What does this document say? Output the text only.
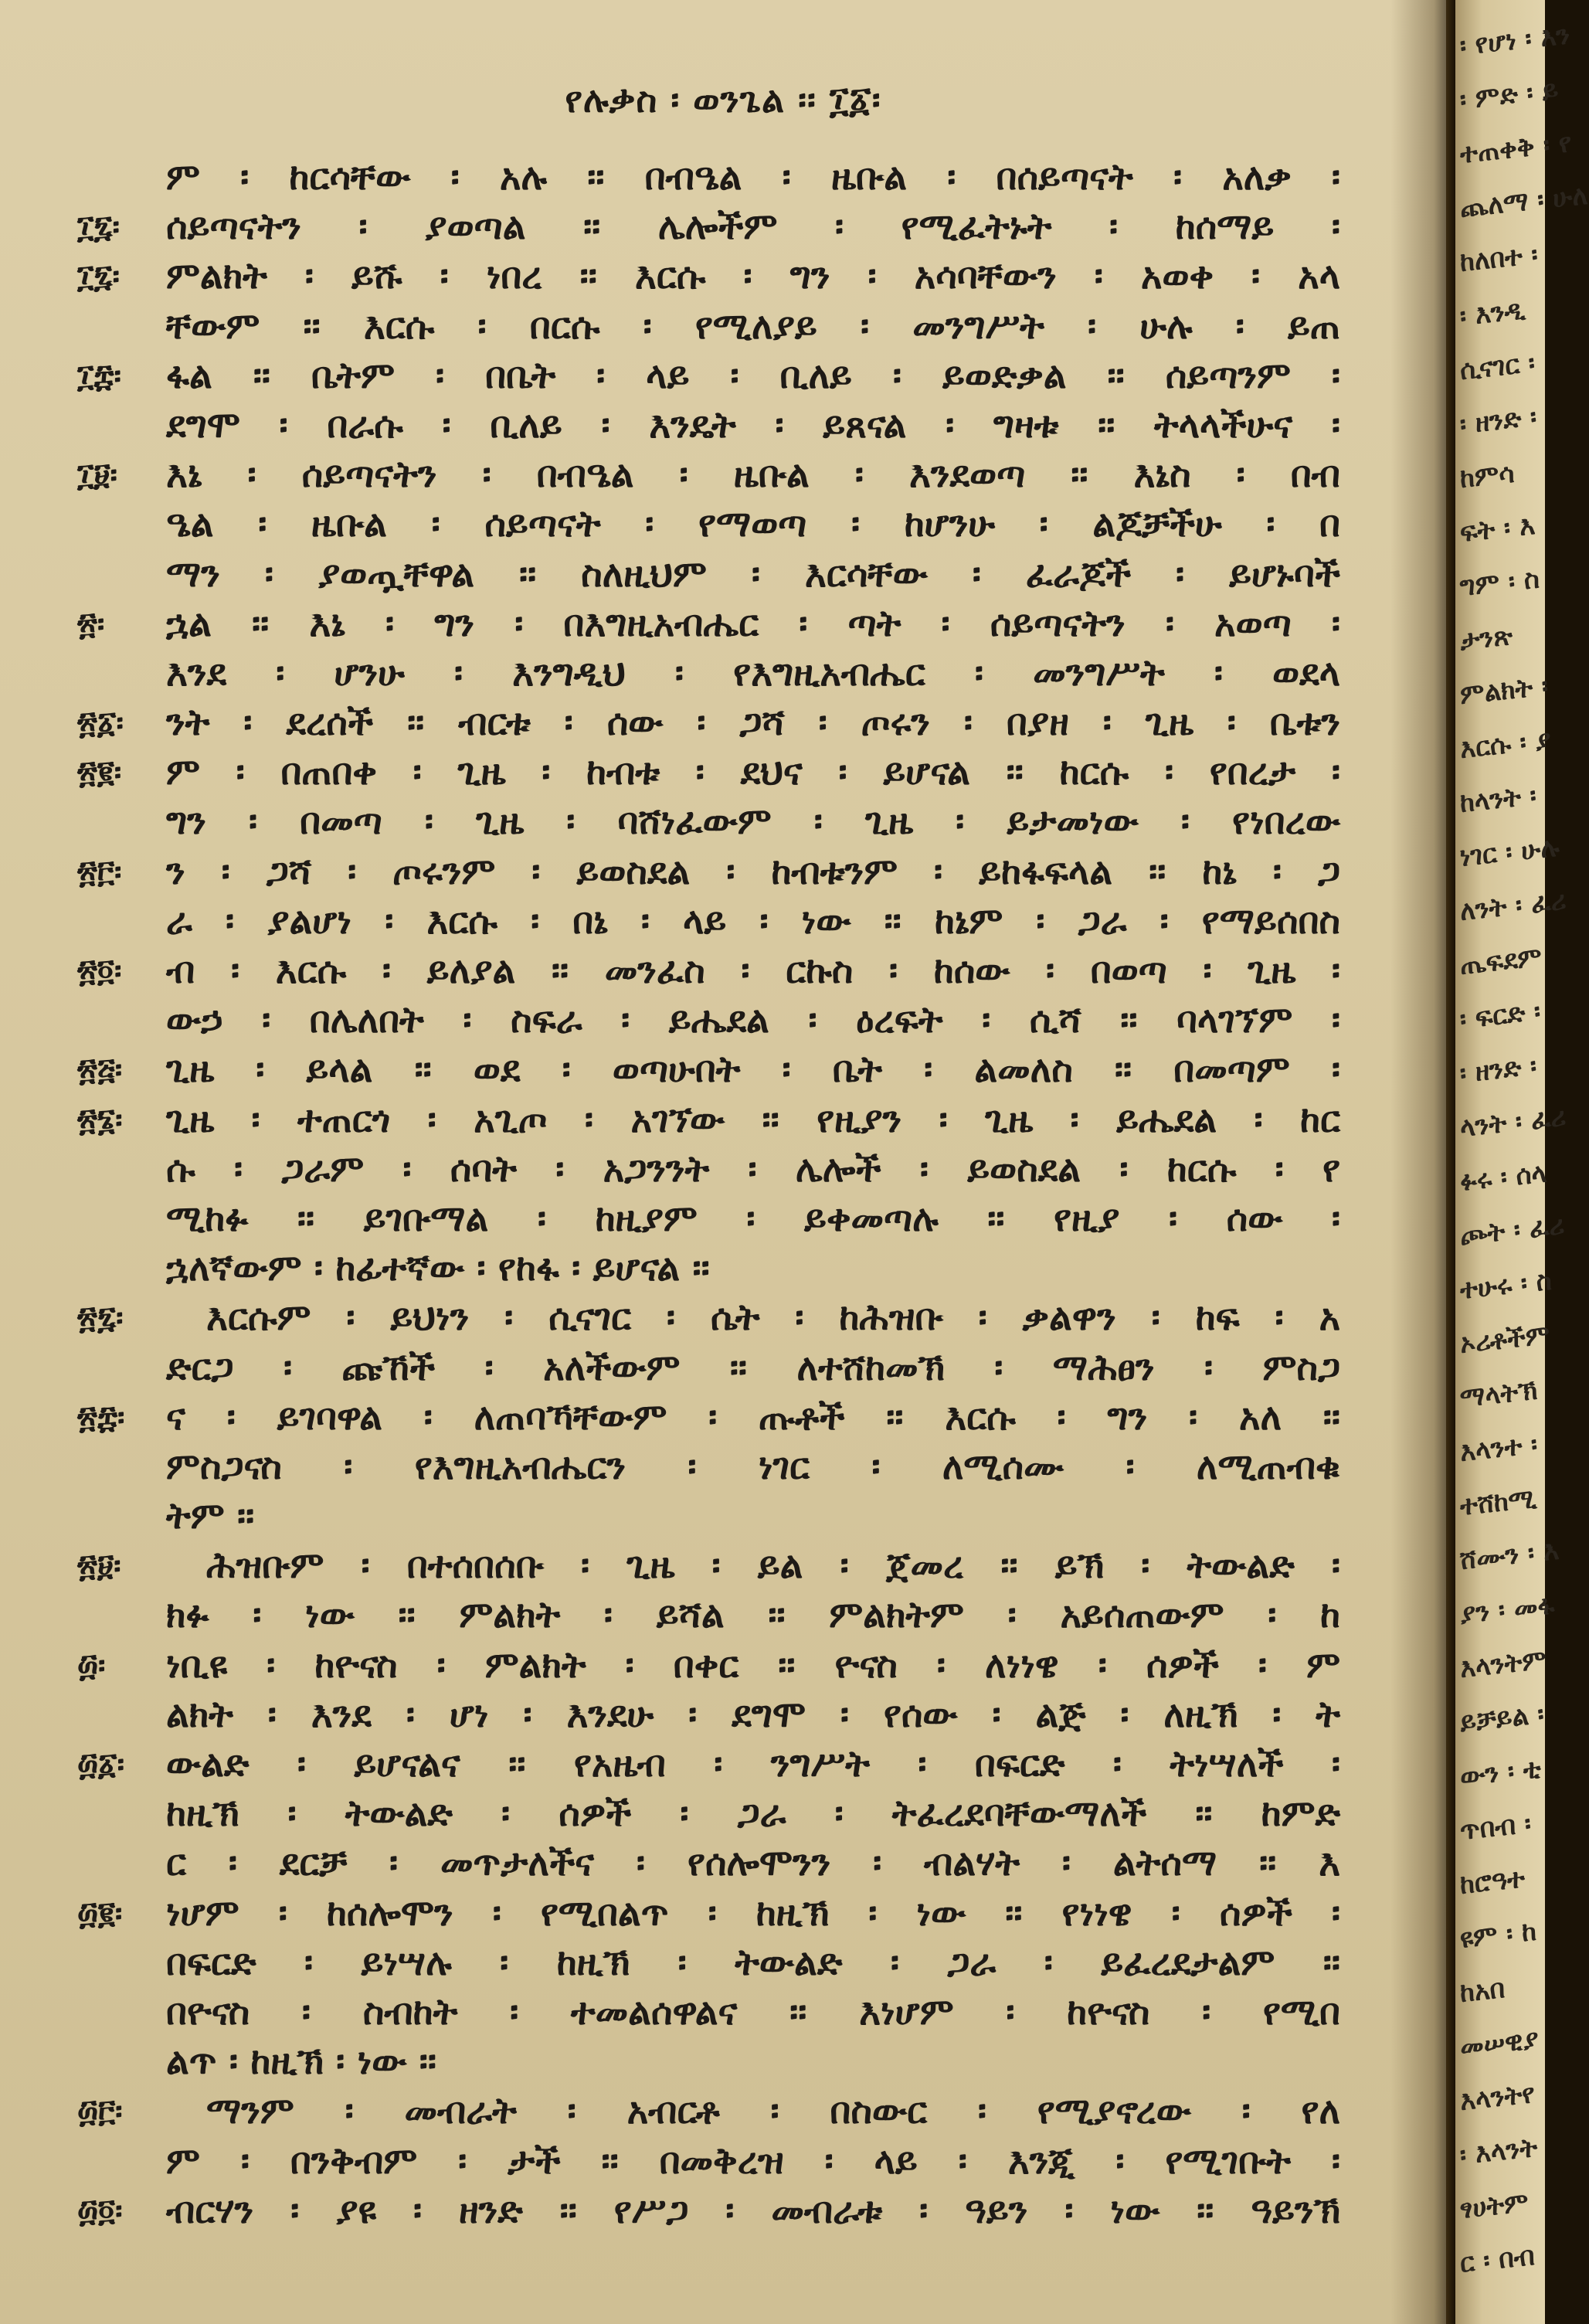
፡ የሆነ ፡ እን
፡ ምድ ፡ ይ
ተጠቀቅ ፡ የ
ጨለማ ፡ ሁለ
ከለበተ ፡
፡ እንዲ
ሲናገር ፡
፡ ዘንድ ፡
ከምሳ
ፍት ፡ እ
ግም ፡ ስ
ታንጽ
ምልክት ፡
እርሱ ፡ ያ
ከላንት ፡
ነገር ፡ ሁሉ
ለንት ፡ ፈሪ
ጤፍደም
፡ ፍርድ ፡
፡ ዘንድ ፡
ላንት ፡ ፈሪ
ፉሩ ፡ ሰላ
ጮት ፡ ፈሪ
ተሁሩ ፡ ስ
ኦሪቶችም
ማላትኽ
እላንተ ፡
ተሸከሚ
ሸሙን ፡ እ
ያን ፡ መፋ
እላንትም
ይቻይል ፡
ውን ፡ ቲ
ጥበብ ፡
ከሮዓተ
ዩም ፡ ከ
ከአበ
መሠዊያ
እላንትየ
፡ እላንት
ፃሀትም
ር ፡ በብ
የሉቃስ ፡ ወንጌል ፡፡ ፲፩፡
ም ፡ ከርሳቸው ፡ አሉ ፡፡ በብዔል ፡ ዜቡል ፡ በሰይጣናት ፡ አለቃ ፡
፲፯፡ ሰይጣናትን ፡ ያወጣል ፡፡ ሌሎችም ፡ የሚፈትኑት ፡ ከሰማይ ፡
፲፯፡ ምልክት ፡ ይሹ ፡ ነበረ ፡፡ እርሱ ፡ ግን ፡ አሳባቸውን ፡ አወቀ ፡ አላ
ቸውም ፡፡ እርሱ ፡ በርሱ ፡ የሚለያይ ፡ መንግሥት ፡ ሁሉ ፡ ይጠ
፲፰፡ ፋል ፡፡ ቤትም ፡ በቤት ፡ ላይ ፡ ቢለይ ፡ ይወድቃል ፡፡ ሰይጣንም ፡
ደግሞ ፡ በራሱ ፡ ቢለይ ፡ እንዴት ፡ ይጸናል ፡ ግዛቱ ፡፡ ትላላችሁና ፡
፲፱፡ እኔ ፡ ሰይጣናትን ፡ በብዔል ፡ ዜቡል ፡ እንደወጣ ፡፡ እኔስ ፡ በብ
ዔል ፡ ዜቡል ፡ ሰይጣናት ፡ የማወጣ ፡ ከሆንሁ ፡ ልጆቻችሁ ፡ በ
ማን ፡ ያወጧቸዋል ፡፡ ስለዚህም ፡ እርሳቸው ፡ ፈራጆች ፡ ይሆኑባች
፳፡ ኋል ፡፡ እኔ ፡ ግን ፡ በእግዚአብሔር ፡ ጣት ፡ ሰይጣናትን ፡ አወጣ ፡
እንደ ፡ ሆንሁ ፡ እንግዲህ ፡ የእግዚአብሔር ፡ መንግሥት ፡ ወደላ
፳፩፡ ንት ፡ ደረሰች ፡፡ ብርቱ ፡ ሰው ፡ ጋሻ ፡ ጦሩን ፡ በያዘ ፡ ጊዜ ፡ ቤቱን
፳፪፡ ም ፡ በጠበቀ ፡ ጊዜ ፡ ከብቱ ፡ ደህና ፡ ይሆናል ፡፡ ከርሱ ፡ የበረታ ፡
ግን ፡ በመጣ ፡ ጊዜ ፡ ባሸነፈውም ፡ ጊዜ ፡ ይታመነው ፡ የነበረው
፳፫፡ ን ፡ ጋሻ ፡ ጦሩንም ፡ ይወስደል ፡ ከብቱንም ፡ ይከፋፍላል ፡፡ ከኔ ፡ ጋ
ራ ፡ ያልሆነ ፡ እርሱ ፡ በኔ ፡ ላይ ፡ ነው ፡፡ ከኔም ፡ ጋራ ፡ የማይሰበስ
፳፬፡ ብ ፡ እርሱ ፡ ይለያል ፡፡ መንፈስ ፡ ርኩስ ፡ ከሰው ፡ በወጣ ፡ ጊዜ ፡
ውኃ ፡ በሌለበት ፡ ስፍራ ፡ ይሔደል ፡ ዕረፍት ፡ ሲሻ ፡፡ ባላገኘም ፡
፳፭፡ ጊዜ ፡ ይላል ፡፡ ወደ ፡ ወጣሁበት ፡ ቤት ፡ ልመለስ ፡፡ በመጣም ፡
፳፮፡ ጊዜ ፡ ተጠርጎ ፡ አጊጦ ፡ አገኘው ፡፡ የዚያን ፡ ጊዜ ፡ ይሔደል ፡ ከር
ሱ ፡ ጋራም ፡ ሰባት ፡ አጋንንት ፡ ሌሎች ፡ ይወስደል ፡ ከርሱ ፡ የ
ሚከፉ ፡፡ ይገቡማል ፡ ከዚያም ፡ ይቀመጣሉ ፡፡ የዚያ ፡ ሰው ፡
ኋለኛውም ፡ ከፊተኛው ፡ የከፋ ፡ ይሆናል ፡፡
፳፯፡ እርሱም ፡ ይህነን ፡ ሲናገር ፡ ሴት ፡ ከሕዝቡ ፡ ቃልዋን ፡ ከፍ ፡ አ
ድርጋ ፡ ጩኸች ፡ አለችውም ፡፡ ለተሸከመኽ ፡ ማሕፀን ፡ ምስጋ
፳፰፡ ና ፡ ይገባዋል ፡ ለጠባኻቸውም ፡ ጡቶች ፡፡ እርሱ ፡ ግን ፡ አለ ፡፡
ምስጋናስ ፡ የእግዚአብሔርን ፡ ነገር ፡ ለሚሰሙ ፡ ለሚጠብቁ
ትም ፡፡
፳፱፡ ሕዝቡም ፡ በተሰበሰቡ ፡ ጊዜ ፡ ይል ፡ ጀመረ ፡፡ ይኽ ፡ ትውልድ ፡
ክፉ ፡ ነው ፡፡ ምልክት ፡ ይሻል ፡፡ ምልክትም ፡ አይሰጠውም ፡ ከ
፴፡ ነቢዩ ፡ ከዮናስ ፡ ምልክት ፡ በቀር ፡፡ ዮናስ ፡ ለነነዌ ፡ ሰዎች ፡ ም
ልክት ፡ እንደ ፡ ሆነ ፡ እንደሁ ፡ ደግሞ ፡ የሰው ፡ ልጅ ፡ ለዚኽ ፡ ት
፴፩፡ ውልድ ፡ ይሆናልና ፡፡ የአዜብ ፡ ንግሥት ፡ በፍርድ ፡ ትነሣለች ፡
ከዚኽ ፡ ትውልድ ፡ ሰዎች ፡ ጋራ ፡ ትፈረደባቸውማለች ፡፡ ከምድ
ር ፡ ደርቻ ፡ መጥታለችና ፡ የሰሎሞንን ፡ ብልሃት ፡ ልትሰማ ፡፡ እ
፴፪፡ ነሆም ፡ ከሰሎሞን ፡ የሚበልጥ ፡ ከዚኽ ፡ ነው ፡፡ የነነዌ ፡ ሰዎች ፡
በፍርድ ፡ ይነሣሉ ፡ ከዚኽ ፡ ትውልድ ፡ ጋራ ፡ ይፈረደታልም ፡፡
በዮናስ ፡ ስብከት ፡ ተመልሰዋልና ፡፡ እነሆም ፡ ከዮናስ ፡ የሚበ
ልጥ ፡ ከዚኽ ፡ ነው ፡፡
፴፫፡ ማንም ፡ መብራት ፡ አብርቶ ፡ በስውር ፡ የሚያኖረው ፡ የለ
ም ፡ በንቅብም ፡ ታች ፡፡ በመቅረዝ ፡ ላይ ፡ እንጂ ፡ የሚገቡት ፡
፴፬፡ ብርሃን ፡ ያዩ ፡ ዘንድ ፡፡ የሥጋ ፡ መብራቱ ፡ ዓይን ፡ ነው ፡፡ ዓይንኽ
